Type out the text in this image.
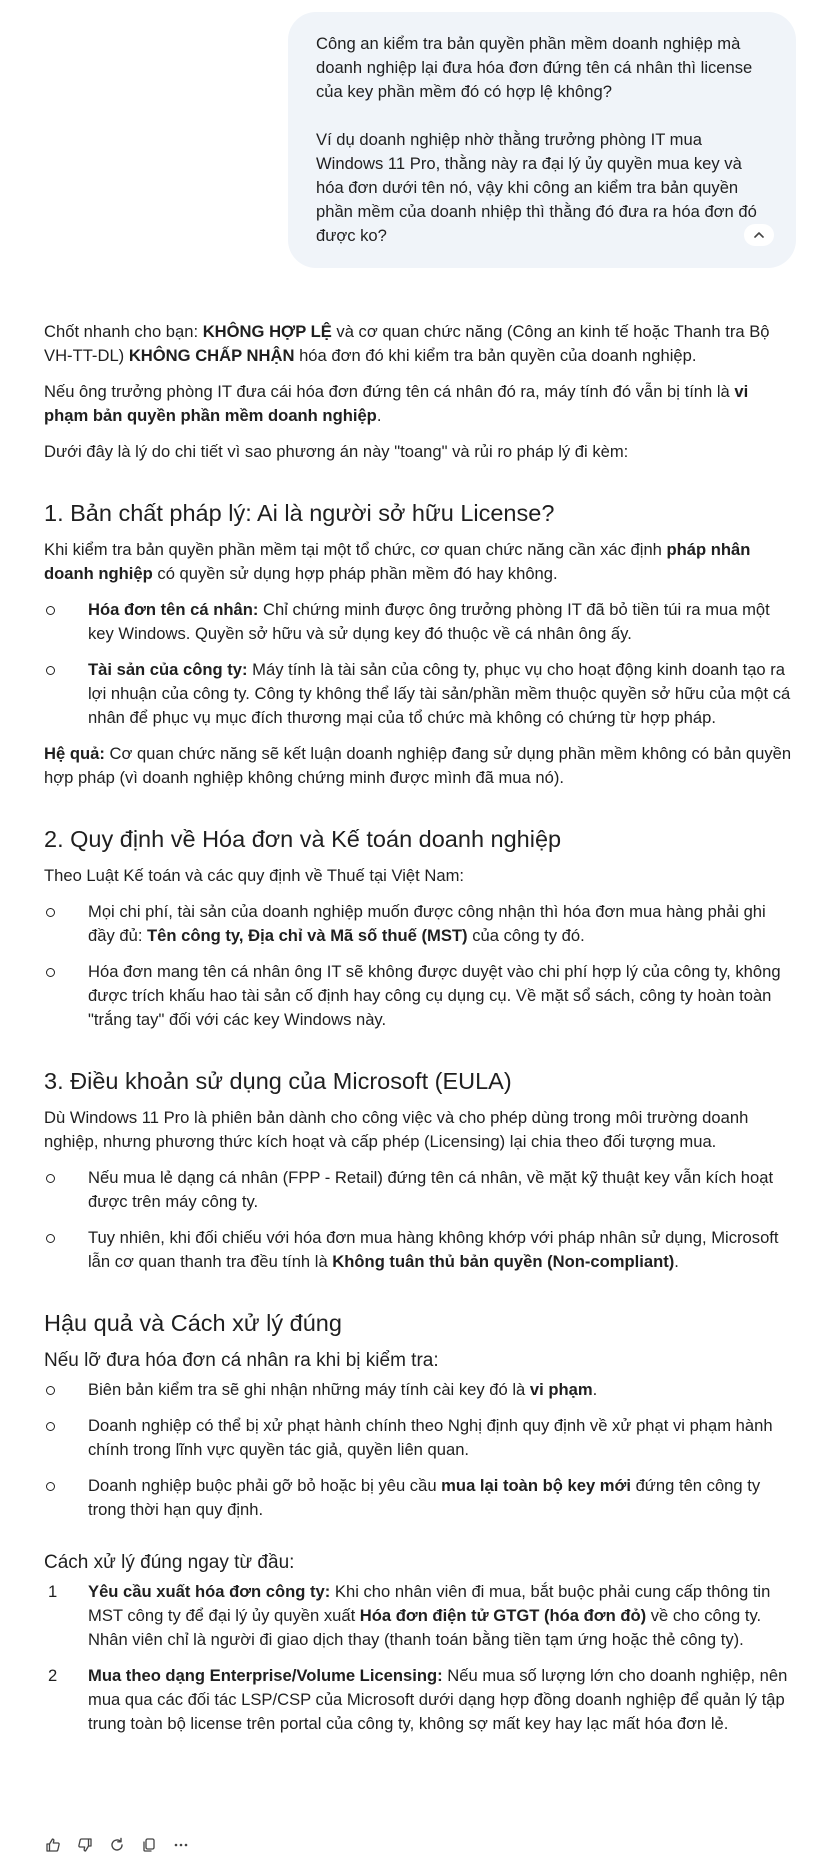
Công an kiểm tra bản quyền phần mềm doanh nghiệp mà doanh nghiệp lại đưa hóa đơn đứng tên cá nhân thì license của key phần mềm đó có hợp lệ không?

Ví dụ doanh nghiệp nhờ thằng trưởng phòng IT mua Windows 11 Pro, thằng này ra đại lý ủy quyền mua key và hóa đơn dưới tên nó, vậy khi công an kiểm tra bản quyền phần mềm của doanh nhiệp thì thằng đó đưa ra hóa đơn đó được ko?

Chốt nhanh cho bạn: KHÔNG HỢP LỆ và cơ quan chức năng (Công an kinh tế hoặc Thanh tra Bộ VH-TT-DL) KHÔNG CHẤP NHẬN hóa đơn đó khi kiểm tra bản quyền của doanh nghiệp.

Nếu ông trưởng phòng IT đưa cái hóa đơn đứng tên cá nhân đó ra, máy tính đó vẫn bị tính là vi phạm bản quyền phần mềm doanh nghiệp.

Dưới đây là lý do chi tiết vì sao phương án này "toang" và rủi ro pháp lý đi kèm:

1. Bản chất pháp lý: Ai là người sở hữu License?

Khi kiểm tra bản quyền phần mềm tại một tổ chức, cơ quan chức năng cần xác định pháp nhân doanh nghiệp có quyền sử dụng hợp pháp phần mềm đó hay không.

Hóa đơn tên cá nhân: Chỉ chứng minh được ông trưởng phòng IT đã bỏ tiền túi ra mua một key Windows. Quyền sở hữu và sử dụng key đó thuộc về cá nhân ông ấy.
Tài sản của công ty: Máy tính là tài sản của công ty, phục vụ cho hoạt động kinh doanh tạo ra lợi nhuận của công ty. Công ty không thể lấy tài sản/phần mềm thuộc quyền sở hữu của một cá nhân để phục vụ mục đích thương mại của tổ chức mà không có chứng từ hợp pháp.

Hệ quả: Cơ quan chức năng sẽ kết luận doanh nghiệp đang sử dụng phần mềm không có bản quyền hợp pháp (vì doanh nghiệp không chứng minh được mình đã mua nó).

2. Quy định về Hóa đơn và Kế toán doanh nghiệp

Theo Luật Kế toán và các quy định về Thuế tại Việt Nam:

Mọi chi phí, tài sản của doanh nghiệp muốn được công nhận thì hóa đơn mua hàng phải ghi đầy đủ: Tên công ty, Địa chỉ và Mã số thuế (MST) của công ty đó.
Hóa đơn mang tên cá nhân ông IT sẽ không được duyệt vào chi phí hợp lý của công ty, không được trích khấu hao tài sản cố định hay công cụ dụng cụ. Về mặt sổ sách, công ty hoàn toàn "trắng tay" đối với các key Windows này.
3. Điều khoản sử dụng của Microsoft (EULA)

Dù Windows 11 Pro là phiên bản dành cho công việc và cho phép dùng trong môi trường doanh nghiệp, nhưng phương thức kích hoạt và cấp phép (Licensing) lại chia theo đối tượng mua.

Nếu mua lẻ dạng cá nhân (FPP - Retail) đứng tên cá nhân, về mặt kỹ thuật key vẫn kích hoạt được trên máy công ty.
Tuy nhiên, khi đối chiếu với hóa đơn mua hàng không khớp với pháp nhân sử dụng, Microsoft lẫn cơ quan thanh tra đều tính là Không tuân thủ bản quyền (Non-compliant).
Hậu quả và Cách xử lý đúng
Nếu lỡ đưa hóa đơn cá nhân ra khi bị kiểm tra:
Biên bản kiểm tra sẽ ghi nhận những máy tính cài key đó là vi phạm.
Doanh nghiệp có thể bị xử phạt hành chính theo Nghị định quy định về xử phạt vi phạm hành chính trong lĩnh vực quyền tác giả, quyền liên quan.
Doanh nghiệp buộc phải gỡ bỏ hoặc bị yêu cầu mua lại toàn bộ key mới đứng tên công ty trong thời hạn quy định.
Cách xử lý đúng ngay từ đầu:
1 Yêu cầu xuất hóa đơn công ty: Khi cho nhân viên đi mua, bắt buộc phải cung cấp thông tin MST công ty để đại lý ủy quyền xuất Hóa đơn điện tử GTGT (hóa đơn đỏ) về cho công ty. Nhân viên chỉ là người đi giao dịch thay (thanh toán bằng tiền tạm ứng hoặc thẻ công ty).
2 Mua theo dạng Enterprise/Volume Licensing: Nếu mua số lượng lớn cho doanh nghiệp, nên mua qua các đối tác LSP/CSP của Microsoft dưới dạng hợp đồng doanh nghiệp để quản lý tập trung toàn bộ license trên portal của công ty, không sợ mất key hay lạc mất hóa đơn lẻ.
